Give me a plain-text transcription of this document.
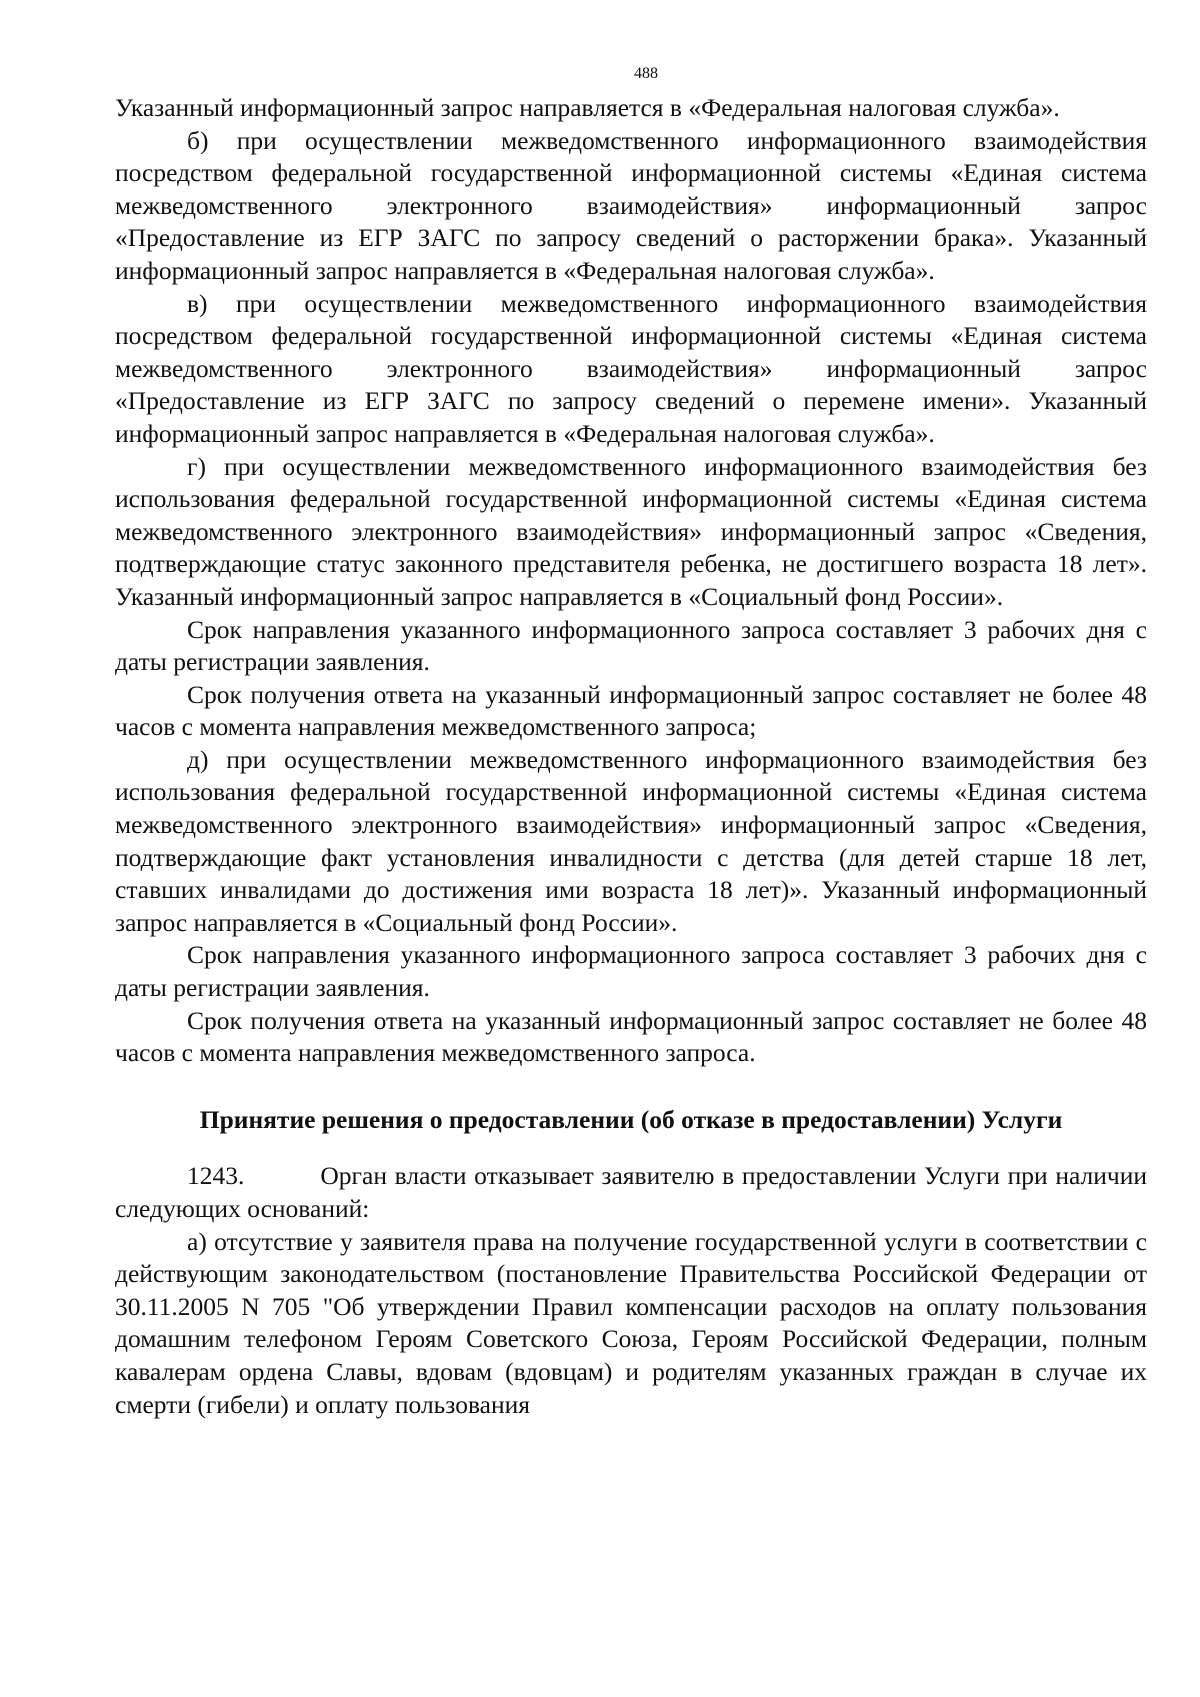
488

Указанный информационный запрос направляется в «Федеральная налоговая служба».

б) при осуществлении межведомственного информационного взаимодействия посредством федеральной государственной информационной системы «Единая система межведомственного электронного взаимодействия» информационный запрос «Предоставление из ЕГР ЗАГС по запросу сведений о расторжении брака». Указанный информационный запрос направляется в «Федеральная налоговая служба».

в) при осуществлении межведомственного информационного взаимодействия посредством федеральной государственной информационной системы «Единая система межведомственного электронного взаимодействия» информационный запрос «Предоставление из ЕГР ЗАГС по запросу сведений о перемене имени». Указанный информационный запрос направляется в «Федеральная налоговая служба».

г) при осуществлении межведомственного информационного взаимодействия без использования федеральной государственной информационной системы «Единая система межведомственного электронного взаимодействия» информационный запрос «Сведения, подтверждающие статус законного представителя ребенка, не достигшего возраста 18 лет». Указанный информационный запрос направляется в «Социальный фонд России».

Срок направления указанного информационного запроса составляет 3 рабочих дня с даты регистрации заявления.

Срок получения ответа на указанный информационный запрос составляет не более 48 часов с момента направления межведомственного запроса;

д) при осуществлении межведомственного информационного взаимодействия без использования федеральной государственной информационной системы «Единая система межведомственного электронного взаимодействия» информационный запрос «Сведения, подтверждающие факт установления инвалидности с детства (для детей старше 18 лет, ставших инвалидами до достижения ими возраста 18 лет)». Указанный информационный запрос направляется в «Социальный фонд России».

Срок направления указанного информационного запроса составляет 3 рабочих дня с даты регистрации заявления.

Срок получения ответа на указанный информационный запрос составляет не более 48 часов с момента направления межведомственного запроса.

Принятие решения о предоставлении (об отказе в предоставлении) Услуги

1243.	Орган власти отказывает заявителю в предоставлении Услуги при наличии следующих оснований:

а) отсутствие у заявителя права на получение государственной услуги в соответствии с действующим законодательством (постановление Правительства Российской Федерации от 30.11.2005 N 705 "Об утверждении Правил компенсации расходов на оплату пользования домашним телефоном Героям Советского Союза, Героям Российской Федерации, полным кавалерам ордена Славы, вдовам (вдовцам) и родителям указанных граждан в случае их смерти (гибели) и оплату пользования
